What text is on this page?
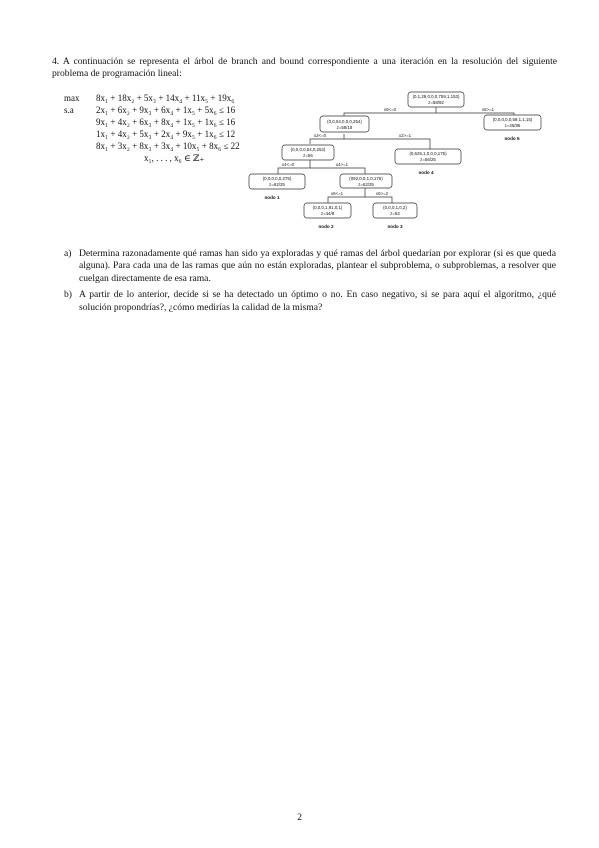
4. A continuación se representa el árbol de branch and bound correspondiente a una iteración en la resolución del siguiente problema de programación lineal:
max	8x₁ + 18x₂ + 5x₃ + 14x₄ + 11x₅ + 19x₆
s.a	2x₁ + 6x₂ + 9x₃ + 6x₄ + 1x₅ + 5x₆ ≤ 16
9x₁ + 4x₂ + 6x₃ + 8x₄ + 1x₅ + 1x₆ ≤ 16
1x₁ + 4x₂ + 5x₃ + 2x₄ + 9x₅ + 1x₆ ≤ 12
8x₁ + 3x₂ + 8x₃ + 3x₄ + 10x₅ + 8x₆ ≤ 22
x₁, . . . , x₆ ∈ ℤ₊
x5<=0	x5>=1
x2<=0	x2>=1
x4<=0	x4>=1
x6<=1	x6>=2
(0,1,29,0,0,0,759,1,153)
z=58/92
(0,0,54,0,0,0,254)
z=58/18
(0,0,0,0,0,59,1,1,15)
z=45/85
(0,0,0,0,54,0,254)
z=56	(0,625,1,0,0,0,175)
z=56/25
(0,0,0,0,0,275)
z=62/25
(092,0,0,1,0,175)
z=62/25
(0,0,0,1,91,0,1)
z=44/8
(0,0,0,1,0,2)
z=52
nodo 5
nodo 4
nodo 1
nodo 2	nodo 3
a) Determina razonadamente qué ramas han sido ya exploradas y qué ramas del árbol quedarían por explorar (si es que queda alguna). Para cada una de las ramas que aún no están exploradas, plantear el subproblema, o subproblemas, a resolver que cuelgan directamente de esa rama.
b) A partir de lo anterior, decide si se ha detectado un óptimo o no. En caso negativo, si se para aquí el algoritmo, ¿qué solución propondrías?, ¿cómo medirías la calidad de la misma?
2
